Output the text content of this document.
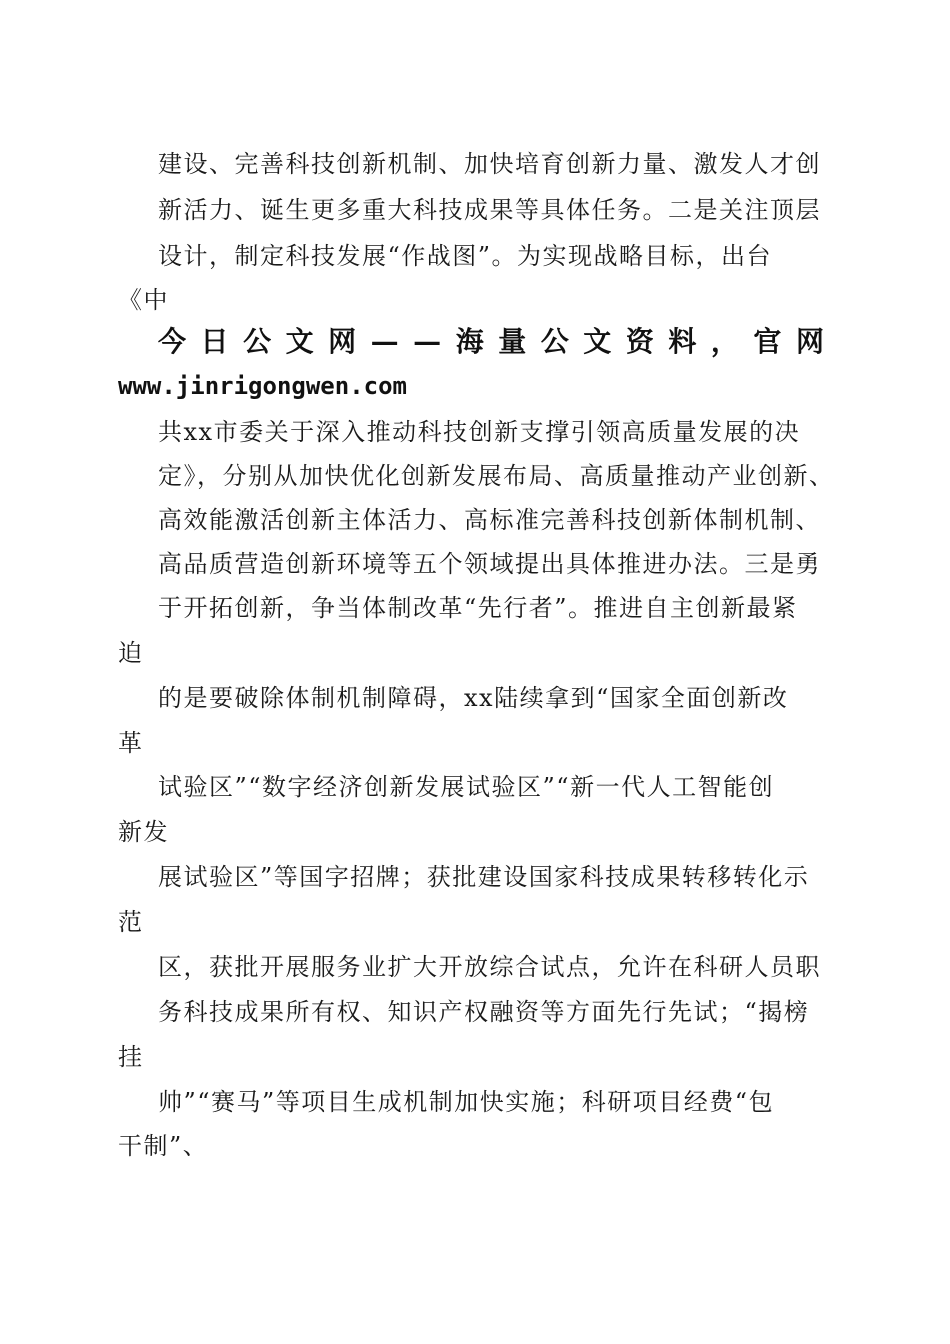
建设、完善科技创新机制、加快培育创新力量、激发人才创
新活力、诞生更多重大科技成果等具体任务。二是关注顶层
设计，制定科技发展“作战图”。为实现战略目标，出台
《中
今 日 公 文 网 — — 海 量 公 文 资 料 ， 官 网
www.jinrigongwen.com
共xx市委关于深入推动科技创新支撑引领高质量发展的决
定》，分别从加快优化创新发展布局、高质量推动产业创新、
高效能激活创新主体活力、高标准完善科技创新体制机制、
高品质营造创新环境等五个领域提出具体推进办法。三是勇
于开拓创新，争当体制改革“先行者”。推进自主创新最紧
迫
的是要破除体制机制障碍，xx陆续拿到“国家全面创新改
革
试验区”“数字经济创新发展试验区”“新一代人工智能创
新发
展试验区”等国字招牌；获批建设国家科技成果转移转化示
范
区，获批开展服务业扩大开放综合试点，允许在科研人员职
务科技成果所有权、知识产权融资等方面先行先试；“揭榜
挂
帅”“赛马”等项目生成机制加快实施；科研项目经费“包
干制”、
